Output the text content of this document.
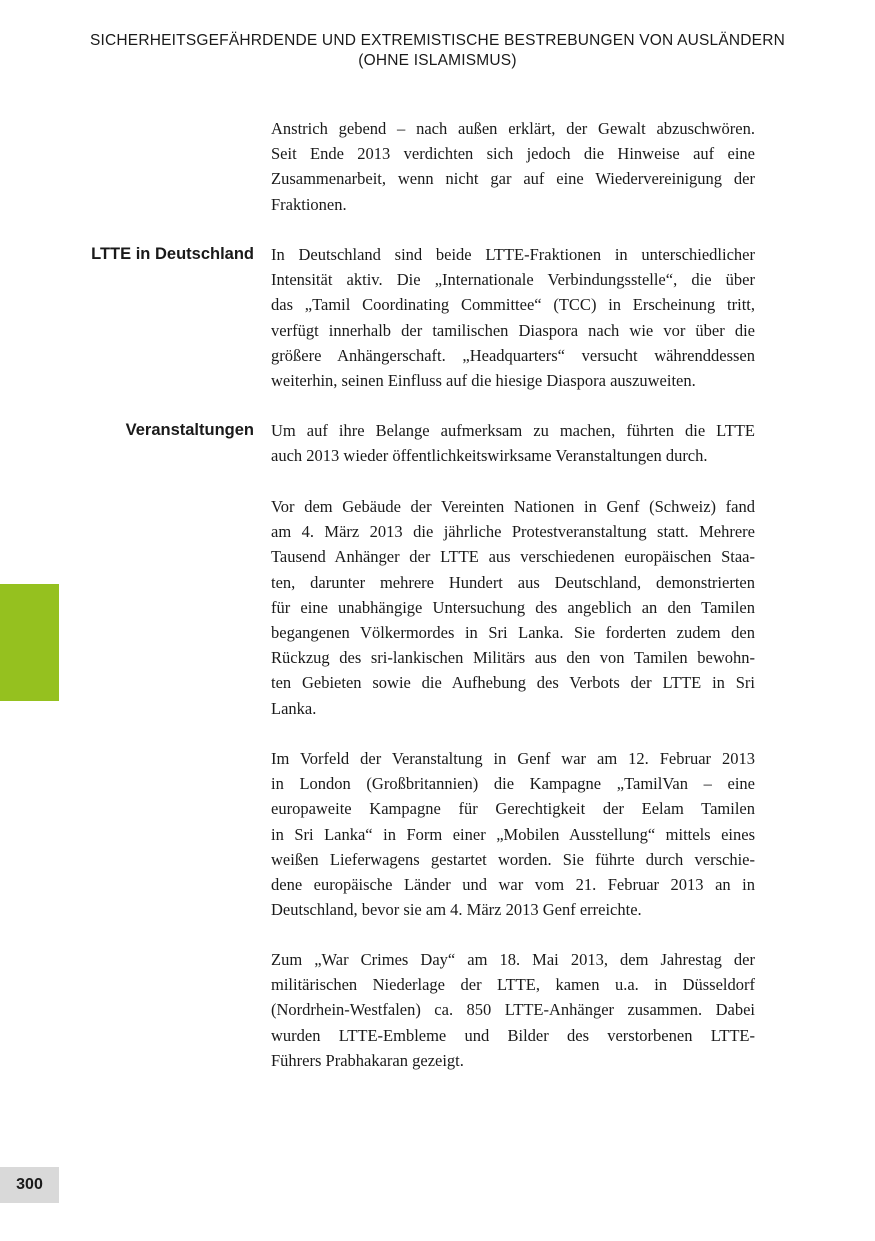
SICHERHEITSGEFÄHRDENDE UND EXTREMISTISCHE BESTREBUNGEN VON AUSLÄNDERN
(OHNE ISLAMISMUS)
Anstrich gebend – nach außen erklärt, der Gewalt abzuschwören.
Seit Ende 2013 verdichten sich jedoch die Hinweise auf eine
Zusammenarbeit, wenn nicht gar auf eine Wiedervereinigung der
Fraktionen.
LTTE in Deutschland In Deutschland sind beide LTTE-Fraktionen in unterschiedlicher
Intensität aktiv. Die „Internationale Verbindungsstelle“, die über
das „Tamil Coordinating Committee“ (TCC) in Erscheinung tritt,
verfügt innerhalb der tamilischen Diaspora nach wie vor über die
größere Anhängerschaft. „Headquarters“ versucht währenddessen
weiterhin, seinen Einfluss auf die hiesige Diaspora auszuweiten.
Veranstaltungen Um auf ihre Belange aufmerksam zu machen, führten die LTTE
auch 2013 wieder öffentlichkeitswirksame Veranstaltungen durch.
Vor dem Gebäude der Vereinten Nationen in Genf (Schweiz) fand
am 4. März 2013 die jährliche Protestveranstaltung statt. Mehrere
Tausend Anhänger der LTTE aus verschiedenen europäischen Staa-
ten, darunter mehrere Hundert aus Deutschland, demonstrierten
für eine unabhängige Untersuchung des angeblich an den Tamilen
begangenen Völkermordes in Sri Lanka. Sie forderten zudem den
Rückzug des sri-lankischen Militärs aus den von Tamilen bewohn-
ten Gebieten sowie die Aufhebung des Verbots der LTTE in Sri
Lanka.
Im Vorfeld der Veranstaltung in Genf war am 12. Februar 2013
in London (Großbritannien) die Kampagne „TamilVan – eine
europaweite Kampagne für Gerechtigkeit der Eelam Tamilen
in Sri Lanka“ in Form einer „Mobilen Ausstellung“ mittels eines
weißen Lieferwagens gestartet worden. Sie führte durch verschie-
dene europäische Länder und war vom 21. Februar 2013 an in
Deutschland, bevor sie am 4. März 2013 Genf erreichte.
Zum „War Crimes Day“ am 18. Mai 2013, dem Jahrestag der
militärischen Niederlage der LTTE, kamen u.a. in Düsseldorf
(Nordrhein-Westfalen) ca. 850 LTTE-Anhänger zusammen. Dabei
wurden LTTE-Embleme und Bilder des verstorbenen LTTE-
Führers Prabhakaran gezeigt.
300
